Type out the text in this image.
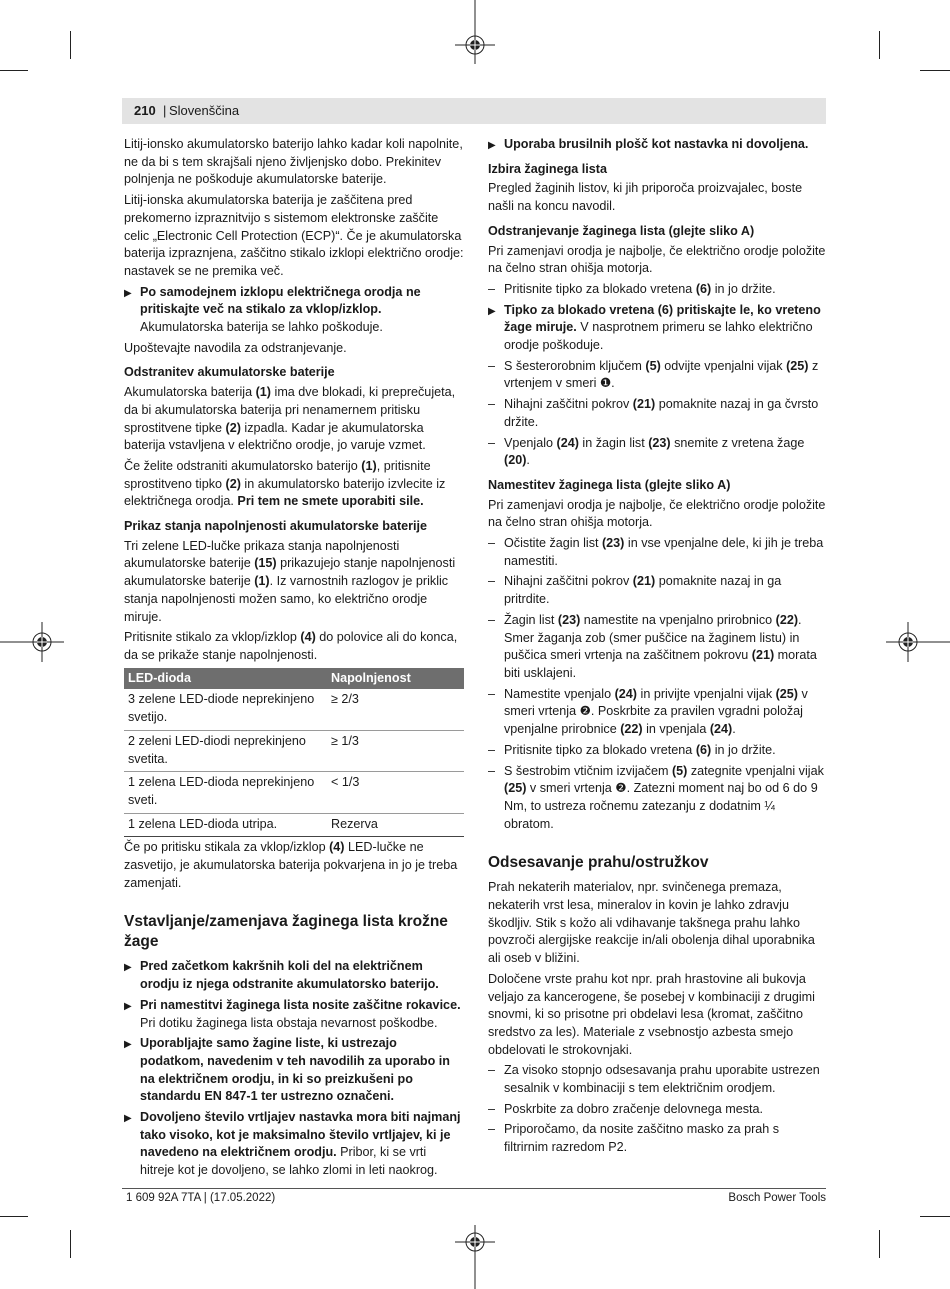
210 | Slovenščina

Litij-ionsko akumulatorsko baterijo lahko kadar koli napolnite, ne da bi s tem skrajšali njeno življenjsko dobo. Prekinitev polnjenja ne poškoduje akumulatorske baterije.

Litij-ionska akumulatorska baterija je zaščitena pred prekomerno izpraznitvijo s sistemom elektronske zaščite celic „Electronic Cell Protection (ECP)“. Če je akumulatorska baterija izpraznjena, zaščitno stikalo izklopi električno orodje: nastavek se ne premika več.

▶ Po samodejnem izklopu električnega orodja ne pritiskajte več na stikalo za vklop/izklop.
Akumulatorska baterija se lahko poškoduje.

Upoštevajte navodila za odstranjevanje.

Odstranitev akumulatorske baterije

Akumulatorska baterija (1) ima dve blokadi, ki preprečujeta, da bi akumulatorska baterija pri nenamernem pritisku sprostitvene tipke (2) izpadla. Kadar je akumulatorska baterija vstavljena v električno orodje, jo varuje vzmet.

Če želite odstraniti akumulatorsko baterijo (1), pritisnite sprostitveno tipko (2) in akumulatorsko baterijo izvlecite iz električnega orodja. Pri tem ne smete uporabiti sile.

Prikaz stanja napolnjenosti akumulatorske baterije

Tri zelene LED-lučke prikaza stanja napolnjenosti akumulatorske baterije (15) prikazujejo stanje napolnjenosti akumulatorske baterije (1). Iz varnostnih razlogov je priklic stanja napolnjenosti možen samo, ko električno orodje miruje.

Pritisnite stikalo za vklop/izklop (4) do polovice ali do konca, da se prikaže stanje napolnjenosti.

LED-dioda	Napolnjenost
3 zelene LED-diode neprekinjeno svetijo.	≥ 2/3
2 zeleni LED-diodi neprekinjeno svetita.	≥ 1/3
1 zelena LED-dioda neprekinjeno sveti.	< 1/3
1 zelena LED-dioda utripa.	Rezerva

Če po pritisku stikala za vklop/izklop (4) LED-lučke ne zasvetijo, je akumulatorska baterija pokvarjena in jo je treba zamenjati.

Vstavljanje/zamenjava žaginega lista krožne žage
▶ Pred začetkom kakršnih koli del na električnem orodju iz njega odstranite akumulatorsko baterijo.
▶ Pri namestitvi žaginega lista nosite zaščitne rokavice. Pri dotiku žaginega lista obstaja nevarnost poškodbe.
▶ Uporabljajte samo žagine liste, ki ustrezajo podatkom, navedenim v teh navodilih za uporabo in na električnem orodju, in ki so preizkušeni po standardu EN 847-1 ter ustrezno označeni.
▶ Dovoljeno število vrtljajev nastavka mora biti najmanj tako visoko, kot je maksimalno število vrtljajev, ki je navedeno na električnem orodju. Pribor, ki se vrti hitreje kot je dovoljeno, se lahko zlomi in leti naokrog.
▶ Uporaba brusilnih plošč kot nastavka ni dovoljena.
Izbira žaginega lista

Pregled žaginih listov, ki jih priporoča proizvajalec, boste našli na koncu navodil.

Odstranjevanje žaginega lista (glejte sliko A)

Pri zamenjavi orodja je najbolje, če električno orodje položite na čelno stran ohišja motorja.

– Pritisnite tipko za blokado vretena (6) in jo držite.
▶ Tipko za blokado vretena (6) pritiskajte le, ko vreteno žage miruje. V nasprotnem primeru se lahko električno orodje poškoduje.
– S šesterorobnim ključem (5) odvijte vpenjalni vijak (25) z vrtenjem v smeri ❶.
– Nihajni zaščitni pokrov (21) pomaknite nazaj in ga čvrsto držite.
– Vpenjalo (24) in žagin list (23) snemite z vretena žage (20).
Namestitev žaginega lista (glejte sliko A)

Pri zamenjavi orodja je najbolje, če električno orodje položite na čelno stran ohišja motorja.

– Očistite žagin list (23) in vse vpenjalne dele, ki jih je treba namestiti.
– Nihajni zaščitni pokrov (21) pomaknite nazaj in ga pritrdite.
– Žagin list (23) namestite na vpenjalno prirobnico (22). Smer žaganja zob (smer puščice na žaginem listu) in puščica smeri vrtenja na zaščitnem pokrovu (21) morata biti usklajeni.
– Namestite vpenjalo (24) in privijte vpenjalni vijak (25) v smeri vrtenja ❷. Poskrbite za pravilen vgradni položaj vpenjalne prirobnice (22) in vpenjala (24).
– Pritisnite tipko za blokado vretena (6) in jo držite.
– S šestrobim vtičnim izvijačem (5) zategnite vpenjalni vijak (25) v smeri vrtenja ❷. Zatezni moment naj bo od 6 do 9 Nm, to ustreza ročnemu zatezanju z dodatnim ¼ obratom.
Odsesavanje prahu/ostružkov

Prah nekaterih materialov, npr. svinčenega premaza, nekaterih vrst lesa, mineralov in kovin je lahko zdravju škodljiv. Stik s kožo ali vdihavanje takšnega prahu lahko povzroči alergijske reakcije in/ali obolenja dihal uporabnika ali oseb v bližini.

Določene vrste prahu kot npr. prah hrastovine ali bukovja veljajo za kancerogene, še posebej v kombinaciji z drugimi snovmi, ki so prisotne pri obdelavi lesa (kromat, zaščitno sredstvo za les). Materiale z vsebnostjo azbesta smejo obdelovati le strokovnjaki.

– Za visoko stopnjo odsesavanja prahu uporabite ustrezen sesalnik v kombinaciji s tem električnim orodjem.
– Poskrbite za dobro zračenje delovnega mesta.
– Priporočamo, da nosite zaščitno masko za prah s filtrirnim razredom P2.
1 609 92A 7TA | (17.05.2022)	Bosch Power Tools
